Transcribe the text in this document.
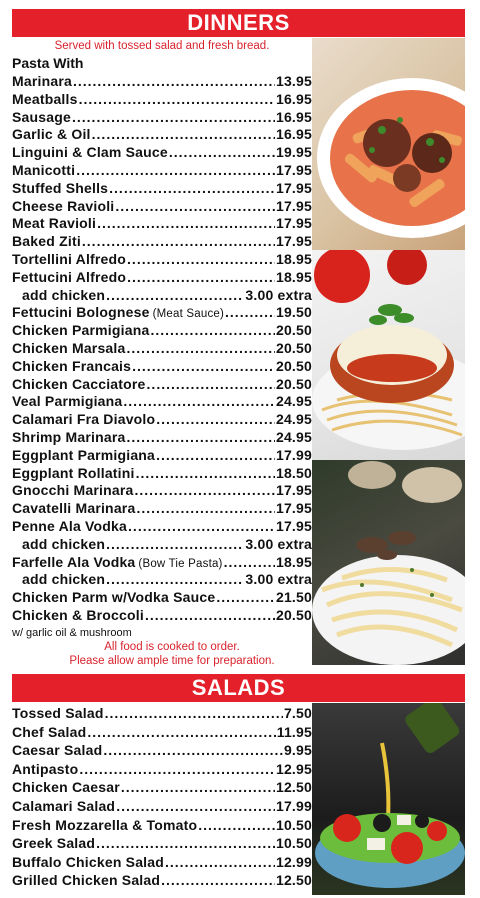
DINNERS
Served with tossed salad and fresh bread.
Pasta With
Marinara .....	13.95
Meatballs .....	16.95
Sausage .....	16.95
Garlic & Oil .....	16.95
Linguini & Clam Sauce .....	19.95
Manicotti .....	17.95
Stuffed Shells .....	17.95
Cheese Ravioli .....	17.95
Meat Ravioli .....	17.95
Baked Ziti .....	17.95
Tortellini Alfredo .....	18.95
Fettucini Alfredo .....	18.95
add chicken .....	3.00 extra
Fettucini Bolognese (Meat Sauce) .....	19.50
Chicken Parmigiana .....	20.50
Chicken Marsala .....	20.50
Chicken Francais .....	20.50
Chicken Cacciatore .....	20.50
Veal Parmigiana .....	24.95
Calamari Fra Diavolo .....	24.95
Shrimp Marinara .....	24.95
Eggplant Parmigiana .....	17.99
Eggplant Rollatini .....	18.50
Gnocchi Marinara .....	17.95
Cavatelli Marinara .....	17.95
Penne Ala Vodka .....	17.95
add chicken .....	3.00 extra
Farfelle Ala Vodka (Bow Tie Pasta) .....	18.95
add chicken .....	3.00 extra
Chicken Parm w/Vodka Sauce .....	21.50
Chicken & Broccoli .....	20.50
w/ garlic oil & mushroom
All food is cooked to order.
Please allow ample time for preparation.
SALADS
Tossed Salad .....	7.50
Chef Salad .....	11.95
Caesar Salad .....	9.95
Antipasto .....	12.95
Chicken Caesar .....	12.50
Calamari Salad .....	17.99
Fresh Mozzarella & Tomato .....	10.50
Greek Salad .....	10.50
Buffalo Chicken Salad .....	12.99
Grilled Chicken Salad .....	12.50
